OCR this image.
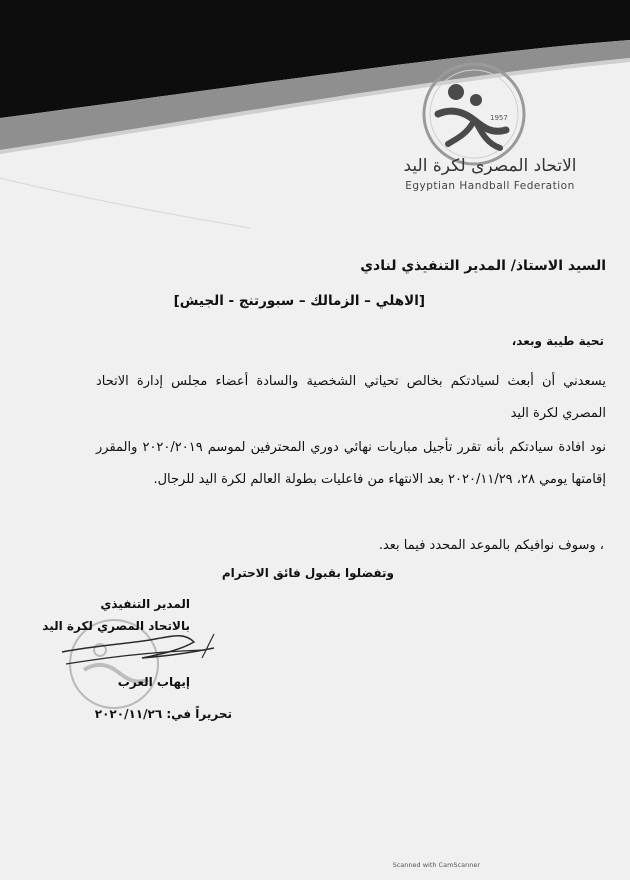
1957
الاتحاد المصرى لكرة اليد
Egyptian Handball Federation
السيد الاستاذ/ المدير التنفيذي لنادي
[الاهلي – الزمالك – سبورتنج - الجيش]
تحية طيبة وبعد،
يسعدني أن أبعث لسيادتكم بخالص تحياتي الشخصية والسادة أعضاء مجلس إدارة الاتحاد المصري لكرة اليد
نود افادة سيادتكم بأنه تقرر تأجيل مباريات نهائي دوري المحترفين لموسم ٢٠٢٠/٢٠١٩ والمقرر إقامتها يومي ٢٨، ٢٠٢٠/١١/٢٩ بعد الانتهاء من فاعليات بطولة العالم لكرة اليد للرجال.
، وسوف نوافيكم بالموعد المحدد فيما بعد.
وتفضلوا بقبول فائق الاحترام
المدير التنفيذي
بالاتحاد المصري لكرة اليد
إيهاب العرب
تحريراً في: ٢٠٢٠/١١/٢٦
Scanned with CamScanner
